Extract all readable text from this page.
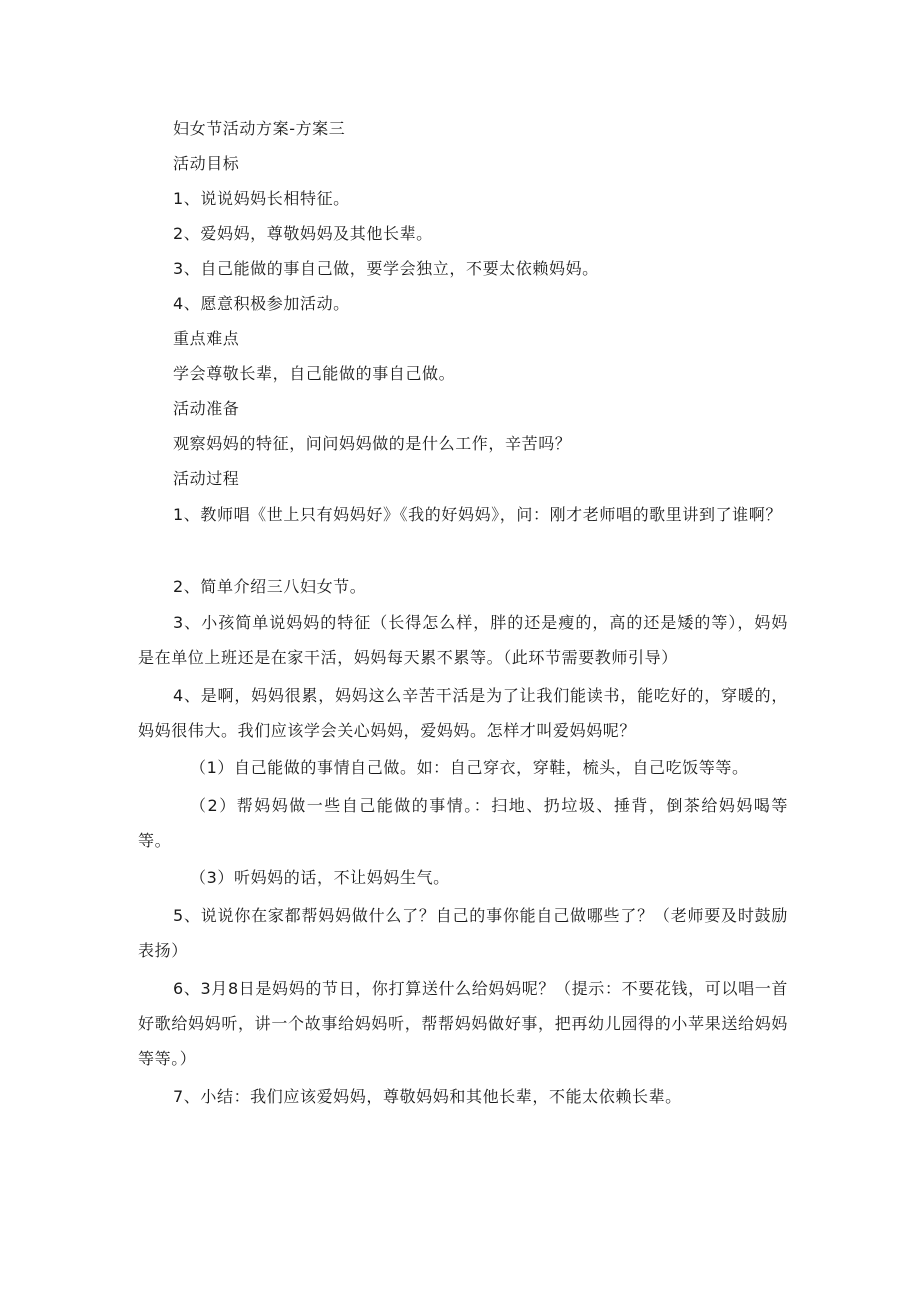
妇女节活动方案-方案三
活动目标
1、说说妈妈长相特征。
2、爱妈妈，尊敬妈妈及其他长辈。
3、自己能做的事自己做，要学会独立，不要太依赖妈妈。
4、愿意积极参加活动。
重点难点
学会尊敬长辈，自己能做的事自己做。
活动准备
观察妈妈的特征，问问妈妈做的是什么工作，辛苦吗？
活动过程
1、教师唱《世上只有妈妈好》《我的好妈妈》，问：刚才老师唱的歌里讲到了谁啊？
2、简单介绍三八妇女节。
3、小孩简单说妈妈的特征（长得怎么样，胖的还是瘦的，高的还是矮的等），妈妈是在单位上班还是在家干活，妈妈每天累不累等。（此环节需要教师引导）
4、是啊，妈妈很累，妈妈这么辛苦干活是为了让我们能读书，能吃好的，穿暖的，妈妈很伟大。我们应该学会关心妈妈，爱妈妈。怎样才叫爱妈妈呢？
（1）自己能做的事情自己做。如：自己穿衣，穿鞋，梳头，自己吃饭等等。
（2）帮妈妈做一些自己能做的事情。：扫地、扔垃圾、捶背，倒茶给妈妈喝等等。
（3）听妈妈的话，不让妈妈生气。
5、说说你在家都帮妈妈做什么了？自己的事你能自己做哪些了？（老师要及时鼓励表扬）
6、3月8日是妈妈的节日，你打算送什么给妈妈呢？（提示：不要花钱，可以唱一首好歌给妈妈听，讲一个故事给妈妈听，帮帮妈妈做好事，把再幼儿园得的小苹果送给妈妈等等。）
7、小结：我们应该爱妈妈，尊敬妈妈和其他长辈，不能太依赖长辈。
